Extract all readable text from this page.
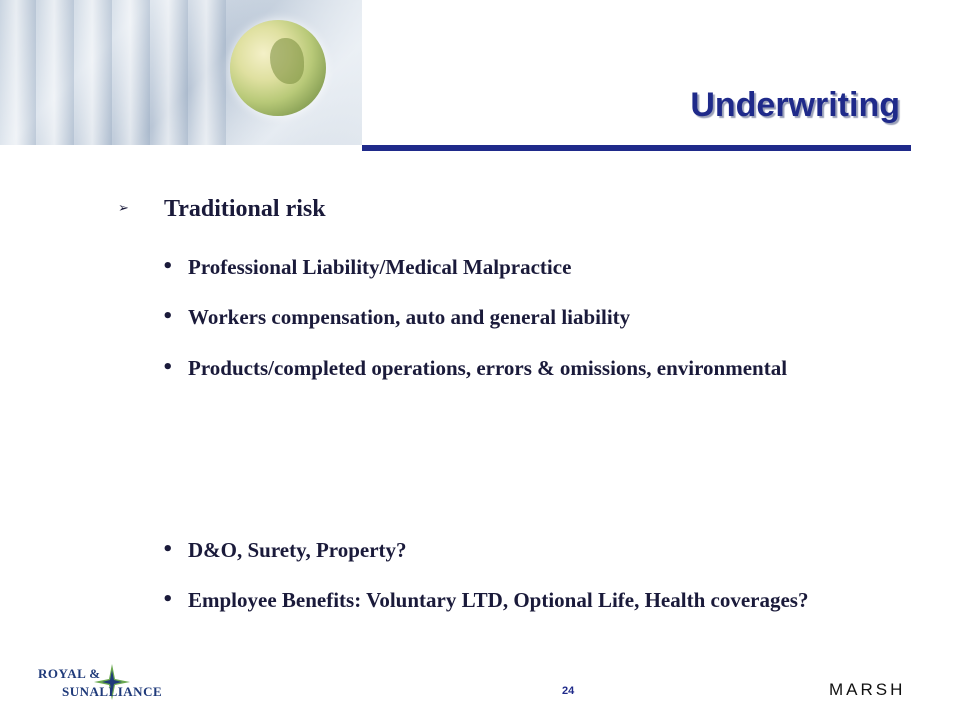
Underwriting
➢ Traditional risk
• Professional Liability/Medical Malpractice
• Workers compensation, auto and general liability
• Products/completed operations, errors & omissions, environmental
• D&O, Surety, Property?
• Employee Benefits: Voluntary LTD, Optional Life, Health coverages?
ROYAL &
SUNALLIANCE	24	MARSH
